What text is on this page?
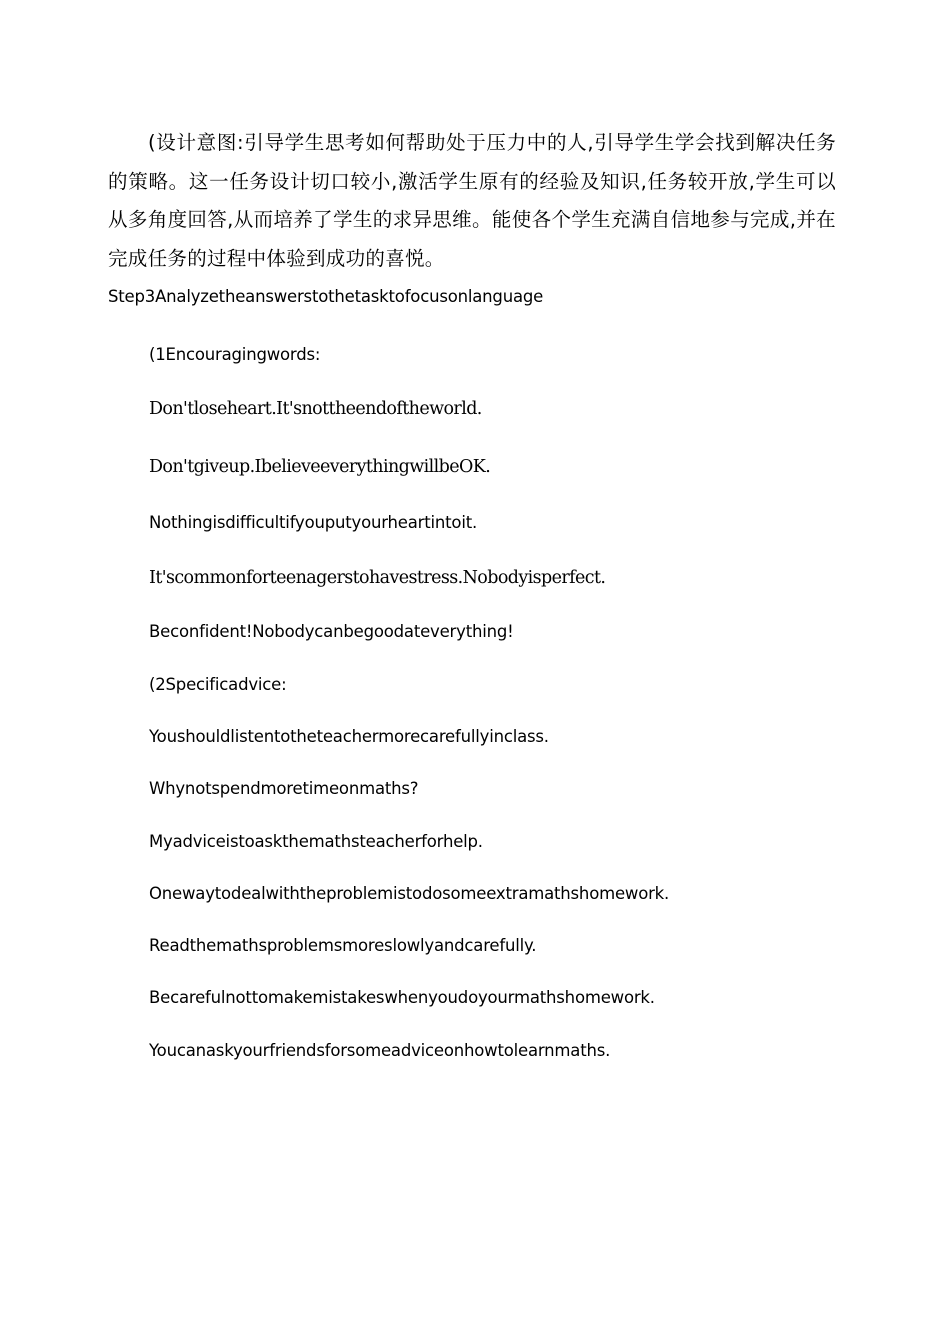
(设计意图:引导学生思考如何帮助处于压力中的人,引导学生学会找到解决任务的策略。这一任务设计切口较小,激活学生原有的经验及知识,任务较开放,学生可以从多角度回答,从而培养了学生的求异思维。能使各个学生充满自信地参与完成,并在完成任务的过程中体验到成功的喜悦。

Step3Analyzetheanswerstothetasktofocusonlanguage

(1Encouragingwords:

Don'tloseheart.It'snottheendoftheworld.

Don'tgiveup.IbelieveeverythingwillbeOK.

Nothingisdifficultifyouputyourheartintoit.

It'scommonforteenagerstohavestress.Nobodyisperfect.

Beconfident!Nobodycanbegoodateverything!

(2Specificadvice:

Youshouldlistentotheteachermorecarefullyinclass.

Whynotspendmoretimeonmaths?

Myadviceistoaskthemathsteacherforhelp.

Onewaytodealwiththeproblemistodosomeextramathshomework.

Readthemathsproblemsmoreslowlyandcarefully.

Becarefulnottomakemistakeswhenyoudoyourmathshomework.

Youcanaskyourfriendsforsomeadviceonhowtolearnmaths.
